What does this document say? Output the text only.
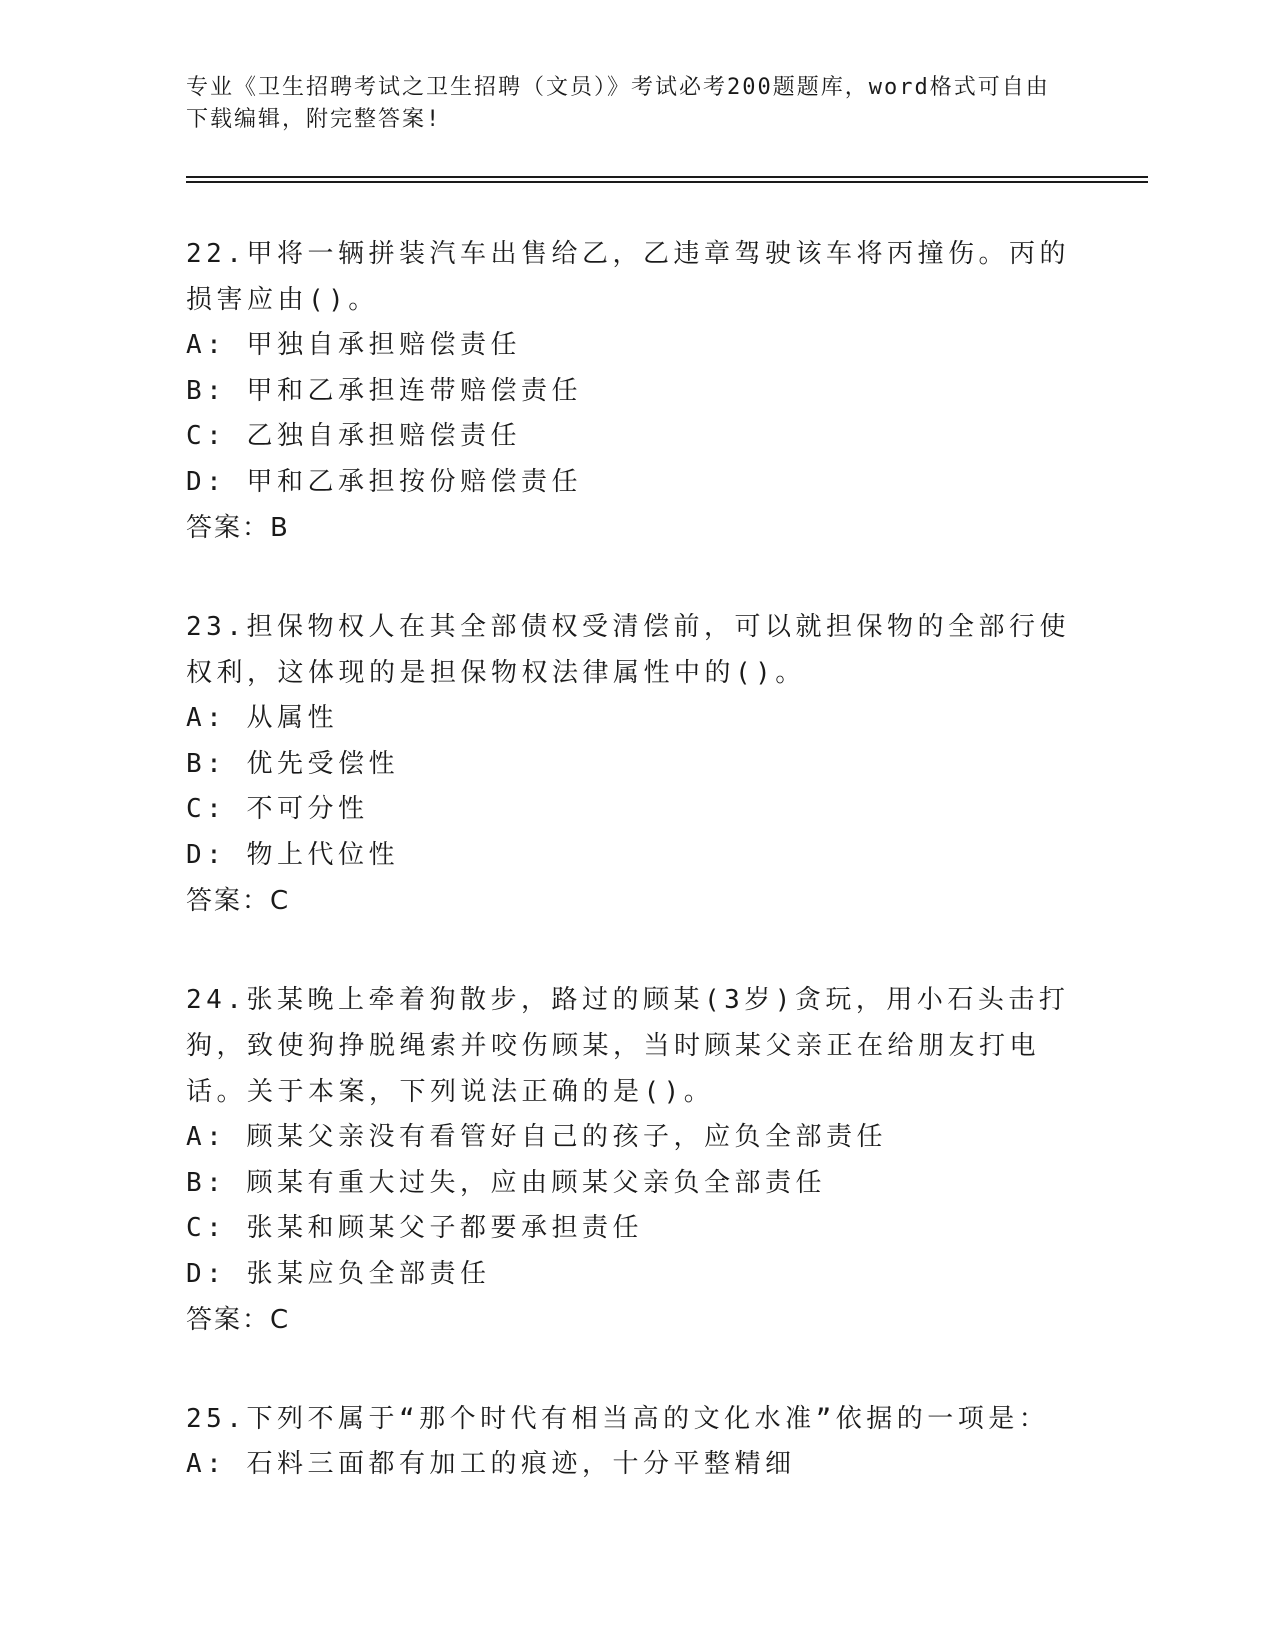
专业《卫生招聘考试之卫生招聘（文员）》考试必考200题题库，word格式可自由下载编辑，附完整答案!
22.甲将一辆拼装汽车出售给乙，乙违章驾驶该车将丙撞伤。丙的损害应由()。
A: 甲独自承担赔偿责任
B: 甲和乙承担连带赔偿责任
C: 乙独自承担赔偿责任
D: 甲和乙承担按份赔偿责任
答案：B
23.担保物权人在其全部债权受清偿前，可以就担保物的全部行使权利，这体现的是担保物权法律属性中的()。
A: 从属性
B: 优先受偿性
C: 不可分性
D: 物上代位性
答案：C
24.张某晚上牵着狗散步，路过的顾某(3岁)贪玩，用小石头击打狗，致使狗挣脱绳索并咬伤顾某，当时顾某父亲正在给朋友打电话。关于本案，下列说法正确的是()。
A: 顾某父亲没有看管好自己的孩子，应负全部责任
B: 顾某有重大过失，应由顾某父亲负全部责任
C: 张某和顾某父子都要承担责任
D: 张某应负全部责任
答案：C
25.下列不属于“那个时代有相当高的文化水准”依据的一项是：
A: 石料三面都有加工的痕迹，十分平整精细
